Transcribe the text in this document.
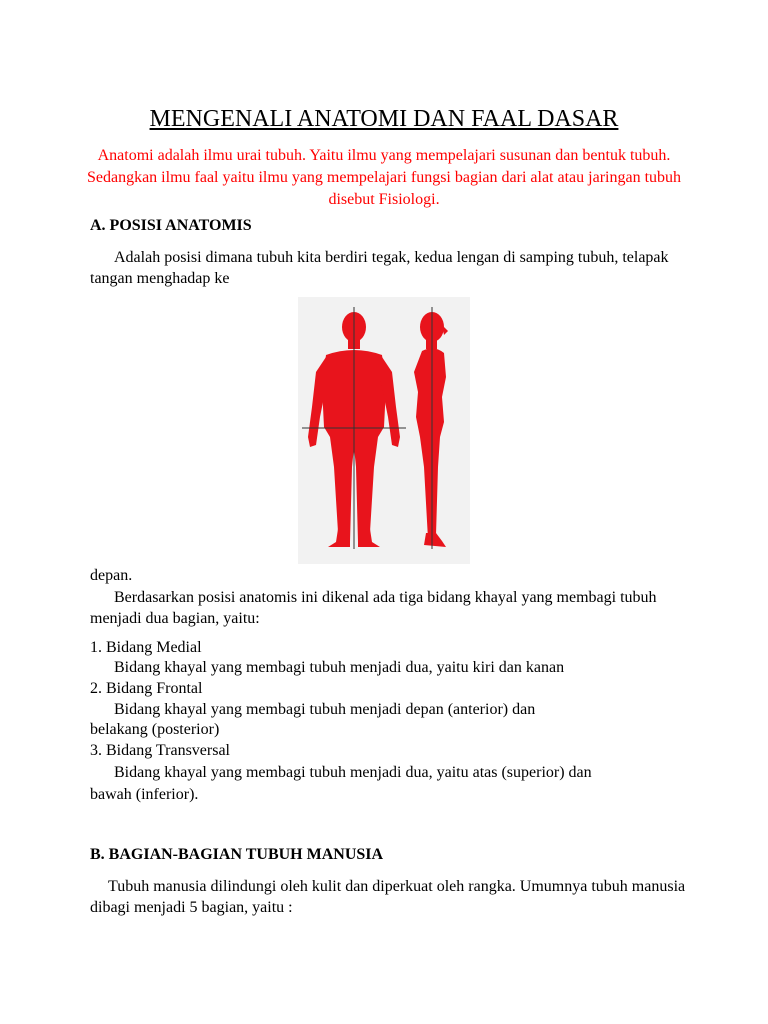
MENGENALI ANATOMI DAN FAAL DASAR

Anatomi adalah ilmu urai tubuh. Yaitu ilmu yang mempelajari susunan dan bentuk tubuh. Sedangkan ilmu faal yaitu ilmu yang mempelajari fungsi bagian dari alat atau jaringan tubuh disebut Fisiologi.

A. POSISI ANATOMIS

Adalah posisi dimana tubuh kita berdiri tegak, kedua lengan di samping tubuh, telapak tangan menghadap ke

depan.

Berdasarkan posisi anatomis ini dikenal ada tiga bidang khayal yang membagi tubuh menjadi dua bagian, yaitu:

1. Bidang Medial

Bidang khayal yang membagi tubuh menjadi dua, yaitu kiri dan kanan

2. Bidang Frontal

Bidang khayal yang membagi tubuh menjadi depan (anterior) dan

belakang (posterior)

3. Bidang Transversal

Bidang khayal yang membagi tubuh menjadi dua, yaitu atas (superior) dan

bawah (inferior).

B. BAGIAN-BAGIAN TUBUH MANUSIA

Tubuh manusia dilindungi oleh kulit dan diperkuat oleh rangka. Umumnya tubuh manusia dibagi menjadi 5 bagian, yaitu :
